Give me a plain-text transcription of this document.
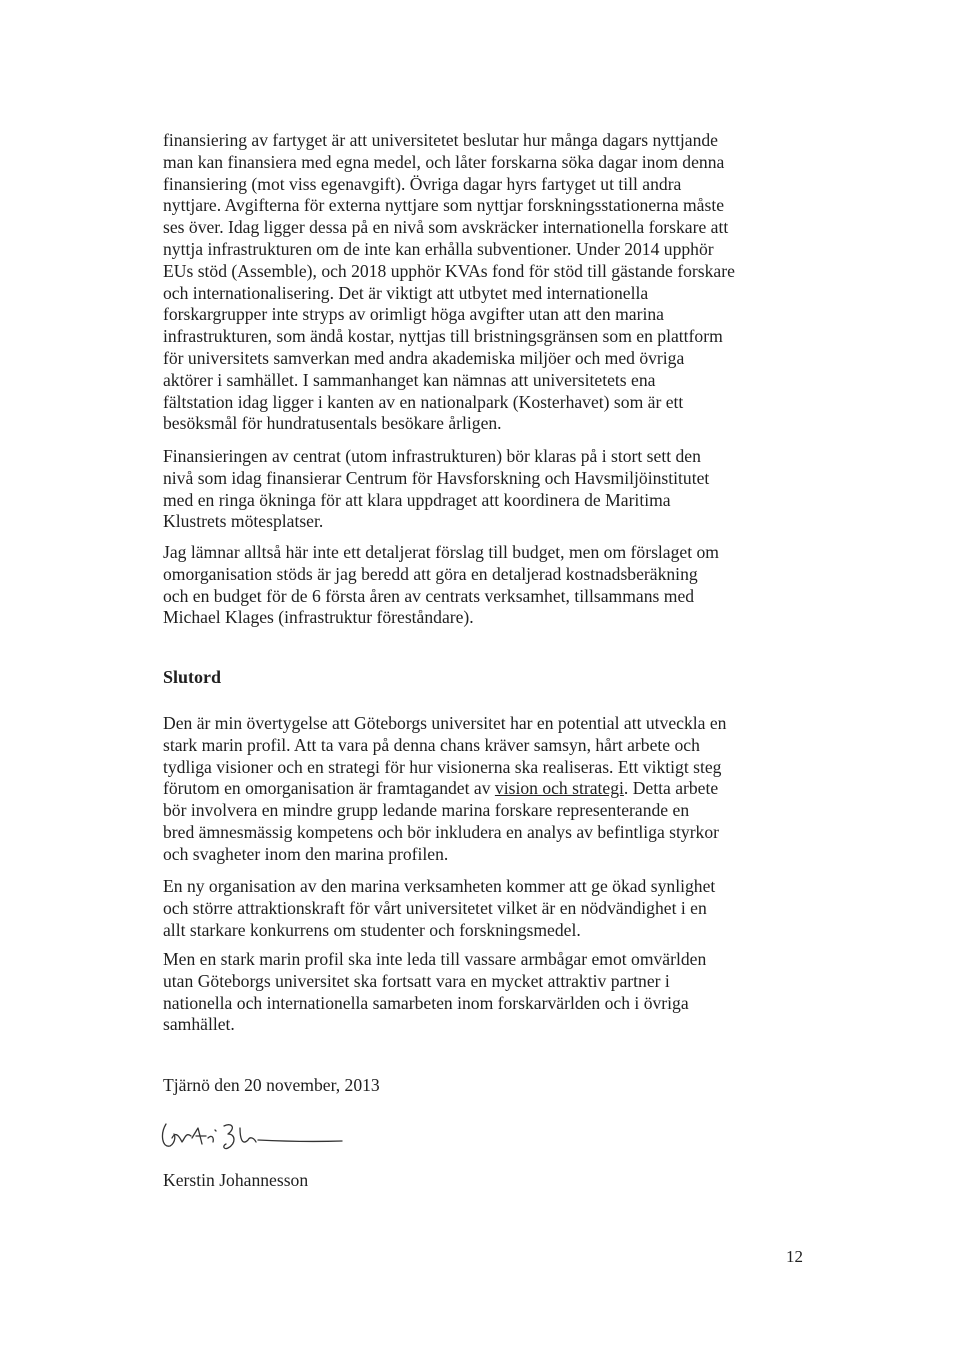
finansiering av fartyget är att universitetet beslutar hur många dagars nyttjande
man kan finansiera med egna medel, och låter forskarna söka dagar inom denna
finansiering (mot viss egenavgift). Övriga dagar hyrs fartyget ut till andra
nyttjare. Avgifterna för externa nyttjare som nyttjar forskningsstationerna måste
ses över. Idag ligger dessa på en nivå som avskräcker internationella forskare att
nyttja infrastrukturen om de inte kan erhålla subventioner. Under 2014 upphör
EUs stöd (Assemble), och 2018 upphör KVAs fond för stöd till gästande forskare
och internationalisering. Det är viktigt att utbytet med internationella
forskargrupper inte stryps av orimligt höga avgifter utan att den marina
infrastrukturen, som ändå kostar, nyttjas till bristningsgränsen som en plattform
för universitets samverkan med andra akademiska miljöer och med övriga
aktörer i samhället. I sammanhanget kan nämnas att universitetets ena
fältstation idag ligger i kanten av en nationalpark (Kosterhavet) som är ett
besöksmål för hundratusentals besökare årligen.

Finansieringen av centrat (utom infrastrukturen) bör klaras på i stort sett den
nivå som idag finansierar Centrum för Havsforskning och Havsmiljöinstitutet
med en ringa ökninga för att klara uppdraget att koordinera de Maritima
Klustrets mötesplatser.

Jag lämnar alltså här inte ett detaljerat förslag till budget, men om förslaget om
omorganisation stöds är jag beredd att göra en detaljerad kostnadsberäkning
och en budget för de 6 första åren av centrats verksamhet, tillsammans med
Michael Klages (infrastruktur föreståndare).

Slutord

Den är min övertygelse att Göteborgs universitet har en potential att utveckla en
stark marin profil. Att ta vara på denna chans kräver samsyn, hårt arbete och
tydliga visioner och en strategi för hur visionerna ska realiseras. Ett viktigt steg
förutom en omorganisation är framtagandet av vision och strategi. Detta arbete
bör involvera en mindre grupp ledande marina forskare representerande en
bred ämnesmässig kompetens och bör inkludera en analys av befintliga styrkor
och svagheter inom den marina profilen.

En ny organisation av den marina verksamheten kommer att ge ökad synlighet
och större attraktionskraft för vårt universitetet vilket är en nödvändighet i en
allt starkare konkurrens om studenter och forskningsmedel.

Men en stark marin profil ska inte leda till vassare armbågar emot omvärlden
utan Göteborgs universitet ska fortsatt vara en mycket attraktiv partner i
nationella och internationella samarbeten inom forskarvärlden och i övriga
samhället.

Tjärnö den 20 november, 2013

Kerstin Johannesson

12
